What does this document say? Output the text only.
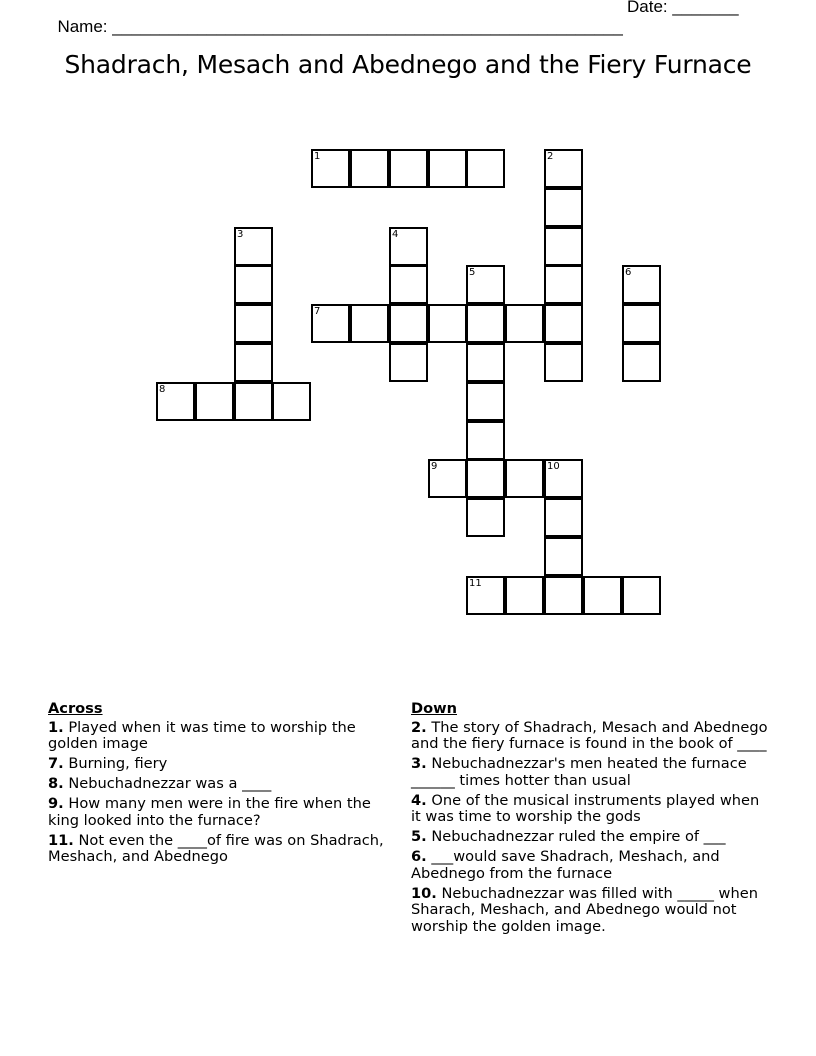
Name: ______________________________________________________

Date: _______

Shadrach, Mesach and Abednego and the Fiery Furnace
1	2
3	4
5	6
7
8
9	10
11
Across
1. Played when it was time to worship the golden image
7. Burning, fiery
8. Nebuchadnezzar was a ____
9. How many men were in the fire when the king looked into the furnace?
11. Not even the ____of fire was on Shadrach, Meshach, and Abednego
Down
2. The story of Shadrach, Mesach and Abednego and the fiery furnace is found in the book of ____
3. Nebuchadnezzar's men heated the furnace ______ times hotter than usual
4. One of the musical instruments played when it was time to worship the gods
5. Nebuchadnezzar ruled the empire of ___
6. ___would save Shadrach, Meshach, and Abednego from the furnace
10. Nebuchadnezzar was filled with _____ when Sharach, Meshach, and Abednego would not worship the golden image.
